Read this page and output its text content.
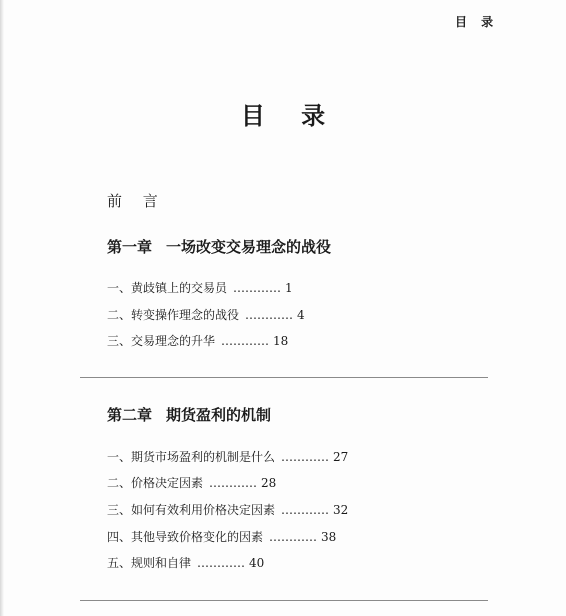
目 录
目 录
前 言
第一章 一场改变交易理念的战役
一、黄歧镇上的交易员 ………… 1
二、转变操作理念的战役 ………… 4
三、交易理念的升华 ………… 18
第二章 期货盈利的机制
一、期货市场盈利的机制是什么 ………… 27
二、价格决定因素 ………… 28
三、如何有效利用价格决定因素 ………… 32
四、其他导致价格变化的因素 ………… 38
五、规则和自律 ………… 40
